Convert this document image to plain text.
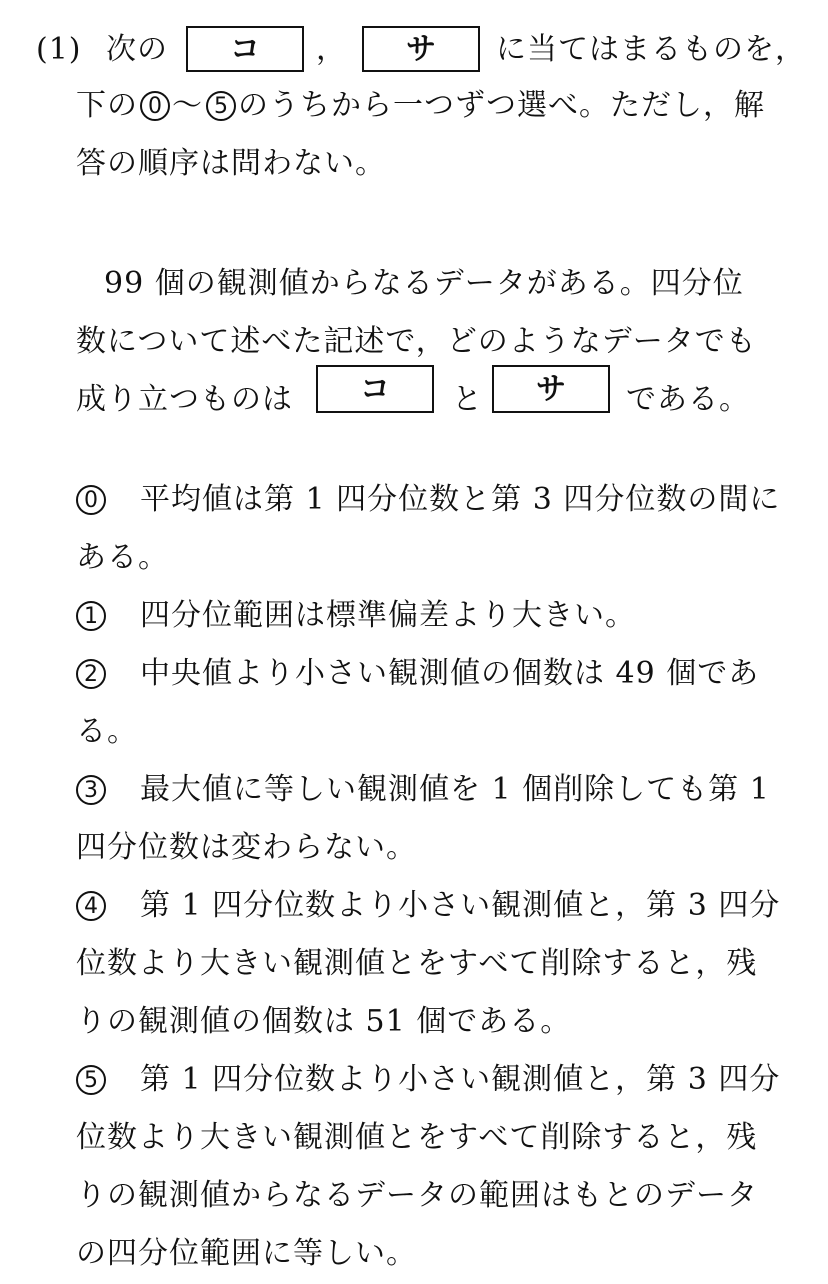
(1) 次の	コ	，	サ	に当てはまるものを，
下の 0 〜 5 のうちから一つずつ選べ。ただし，解
答の順序は問わない。
99 個の観測値からなるデータがある。四分位
数について述べた記述で，どのようなデータでも
成り立つものは	コ	と	サ	である。
0 平均値は第 1 四分位数と第 3 四分位数の間に
ある。
1 四分位範囲は標準偏差より大きい。
2 中央値より小さい観測値の個数は 49 個であ
る。
3 最大値に等しい観測値を 1 個削除しても第 1
四分位数は変わらない。
4 第 1 四分位数より小さい観測値と，第 3 四分
位数より大きい観測値とをすべて削除すると，残
りの観測値の個数は 51 個である。
5 第 1 四分位数より小さい観測値と，第 3 四分
位数より大きい観測値とをすべて削除すると，残
りの観測値からなるデータの範囲はもとのデータ
の四分位範囲に等しい。
